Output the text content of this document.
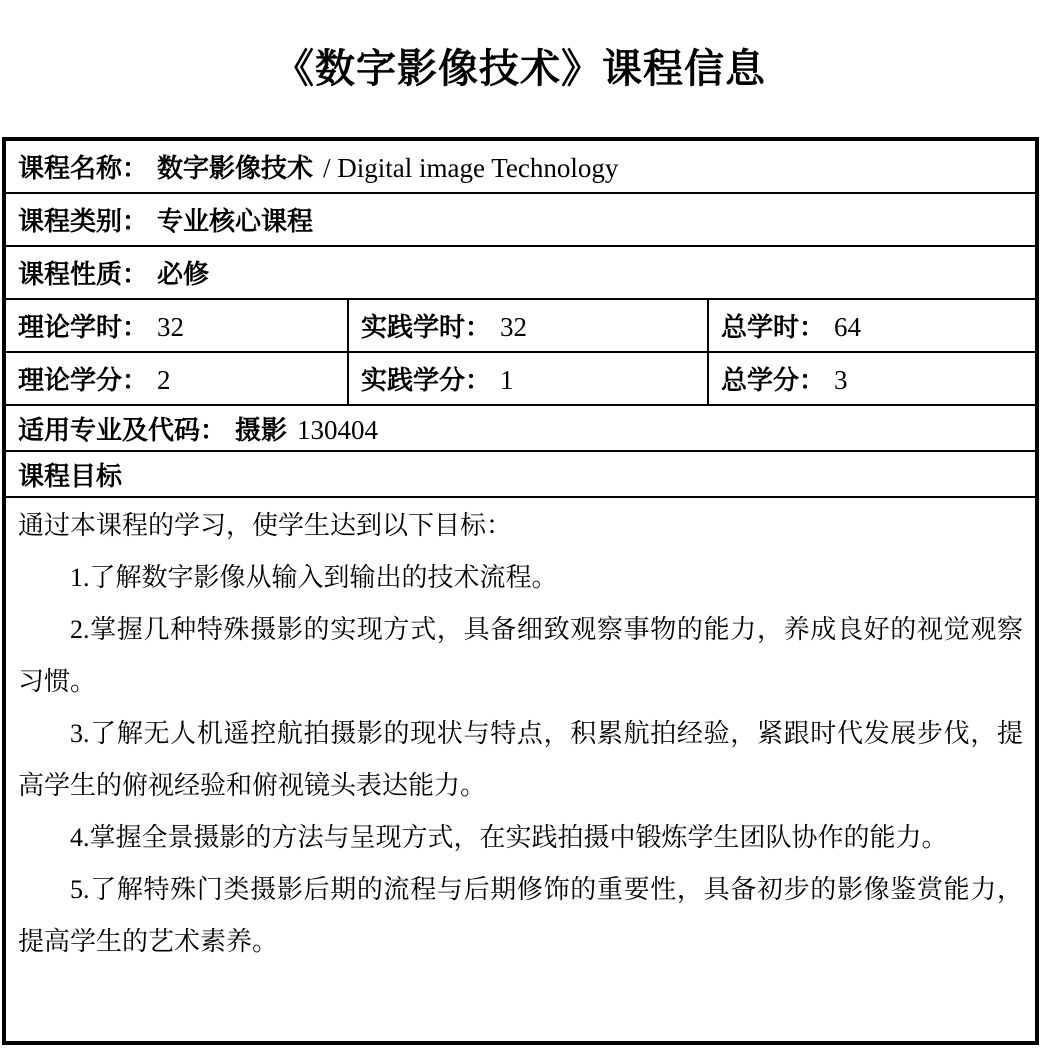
《数字影像技术》课程信息
课程名称： 数字影像技术 / Digital image Technology		
课程类别： 专业核心课程		
课程性质： 必修		
理论学时： 32	实践学时： 32	总学时： 64
理论学分： 2	实践学分： 1	总学分： 3
适用专业及代码： 摄影 130404		
课程目标		

通过本课程的学习，使学生达到以下目标：

1.了解数字影像从输入到输出的技术流程。

2.掌握几种特殊摄影的实现方式，具备细致观察事物的能力，养成良好的视觉观察习惯。

3.了解无人机遥控航拍摄影的现状与特点，积累航拍经验，紧跟时代发展步伐，提高学生的俯视经验和俯视镜头表达能力。

4.掌握全景摄影的方法与呈现方式，在实践拍摄中锻炼学生团队协作的能力。

5.了解特殊门类摄影后期的流程与后期修饰的重要性，具备初步的影像鉴赏能力，提高学生的艺术素养。
